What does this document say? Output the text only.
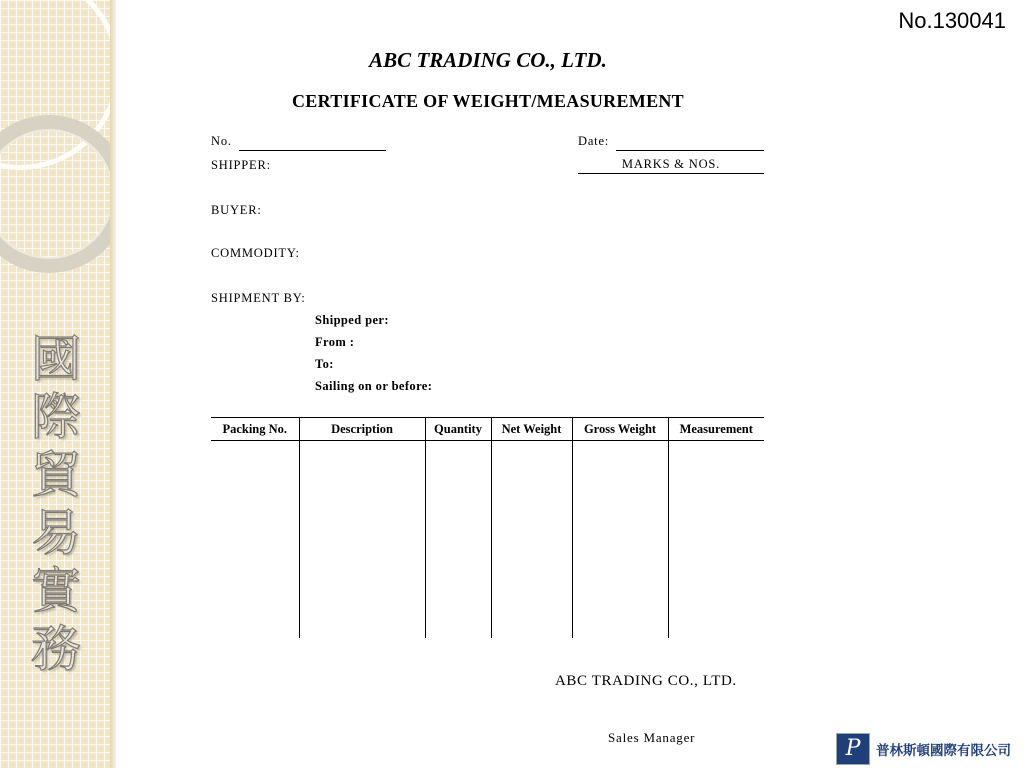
國
際
貿
易
實
務
No.130041
ABC TRADING CO., LTD.
CERTIFICATE OF WEIGHT/MEASUREMENT
No.	Date:
SHIPPER:	MARKS & NOS.
BUYER:
COMMODITY:
SHIPMENT BY:
Shipped per:
From :
To:
Sailing on or before:
Packing No.	Description	Quantity	Net Weight	Gross Weight	Measurement

ABC TRADING CO., LTD.
Sales Manager	P	普林斯頓國際有限公司
